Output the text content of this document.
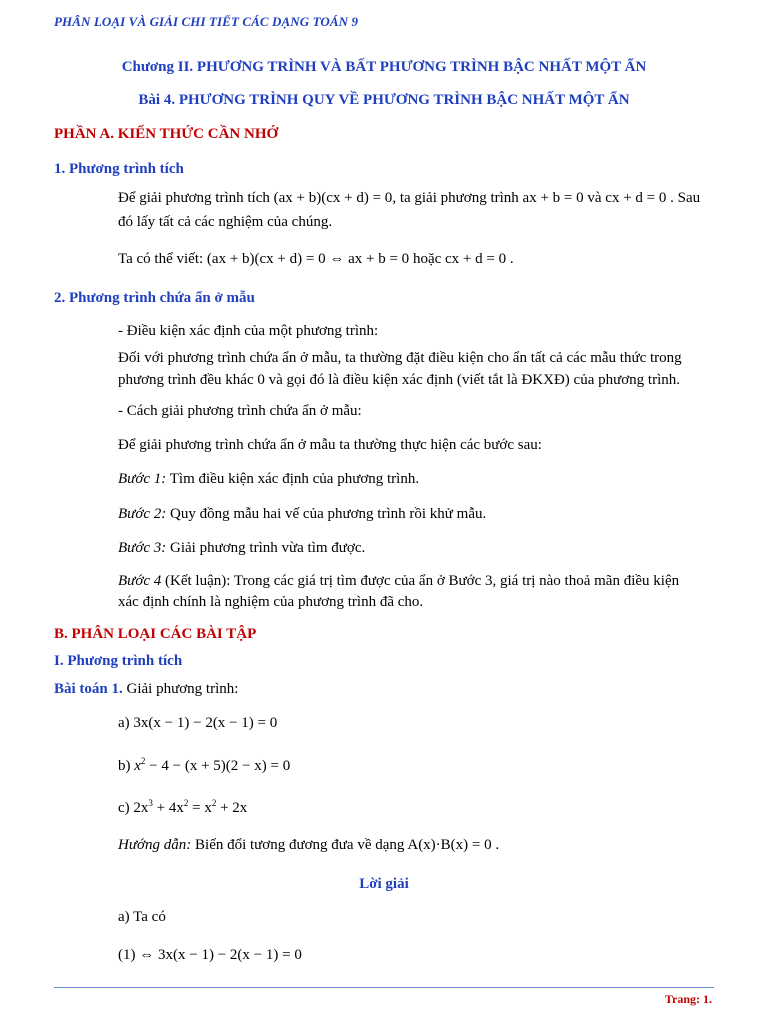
PHÂN LOẠI VÀ GIẢI CHI TIẾT CÁC DẠNG TOÁN 9
Chương II. PHƯƠNG TRÌNH VÀ BẤT PHƯƠNG TRÌNH BẬC NHẤT MỘT ẨN
Bài 4. PHƯƠNG TRÌNH QUY VỀ PHƯƠNG TRÌNH BẬC NHẤT MỘT ẨN
PHẦN A. KIẾN THỨC CẦN NHỚ
1. Phương trình tích
Để giải phương trình tích (ax + b)(cx + d) = 0, ta giải phương trình ax + b = 0 và cx + d = 0 . Sau
đó lấy tất cả các nghiệm của chúng.
Ta có thể viết: (ax + b)(cx + d) = 0 ⇔ ax + b = 0 hoặc cx + d = 0 .
2. Phương trình chứa ẩn ở mẫu
- Điều kiện xác định của một phương trình:
Đối với phương trình chứa ẩn ở mẫu, ta thường đặt điều kiện cho ẩn tất cả các mẫu thức trong
phương trình đều khác 0 và gọi đó là điều kiện xác định (viết tắt là ĐKXĐ) của phương trình.
- Cách giải phương trình chứa ẩn ở mẫu:
Để giải phương trình chứa ẩn ở mẫu ta thường thực hiện các bước sau:
Bước 1: Tìm điều kiện xác định của phương trình.
Bước 2: Quy đồng mẫu hai vế của phương trình rồi khử mẫu.
Bước 3: Giải phương trình vừa tìm được.
Bước 4 (Kết luận): Trong các giá trị tìm được của ẩn ở Bước 3, giá trị nào thoả mãn điều kiện
xác định chính là nghiệm của phương trình đã cho.
B. PHÂN LOẠI CÁC BÀI TẬP
I. Phương trình tích
Bài toán 1. Giải phương trình:
a) 3x(x − 1) − 2(x − 1) = 0
b) $x^2 - 4 - (x + 5)(2 - x) = 0$
c) $2x^3 + 4x^2 = x^2 + 2x$
Hướng dẫn: Biến đổi tương đương đưa về dạng A(x)·B(x) = 0 .
Lời giải
a) Ta có
(1) ⇔ 3x(x − 1) − 2(x − 1) = 0
Trang: 1.
